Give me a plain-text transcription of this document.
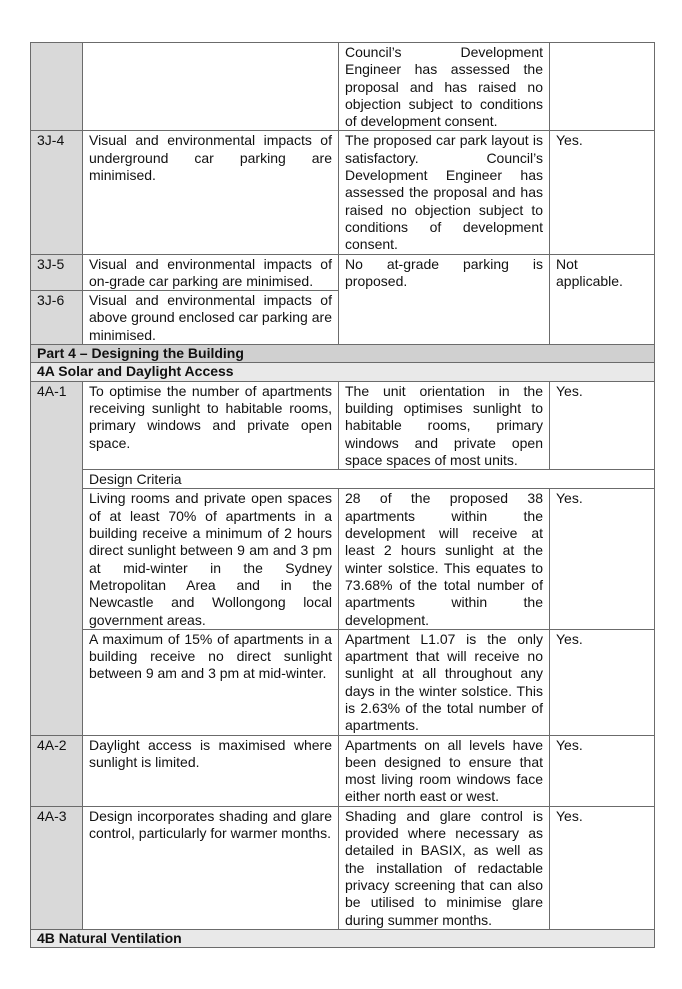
		Council’s Development Engineer has assessed the proposal and has raised no objection subject to conditions of development consent.	
3J-4	Visual and environmental impacts of underground car parking are minimised.	The proposed car park layout is satisfactory. Council’s Development Engineer has assessed the proposal and has raised no objection subject to conditions of development consent.	Yes.
3J-5	Visual and environmental impacts of on-grade car parking are minimised.	No at-grade parking is proposed.	Not applicable.
3J-6	Visual and environmental impacts of above ground enclosed car parking are minimised.		
Part 4 – Designing the Building			
4A Solar and Daylight Access			
4A-1	To optimise the number of apartments receiving sunlight to habitable rooms, primary windows and private open space.	The unit orientation in the building optimises sunlight to habitable rooms, primary windows and private open space spaces of most units.	Yes.
	Design Criteria		
	Living rooms and private open spaces of at least 70% of apartments in a building receive a minimum of 2 hours direct sunlight between 9 am and 3 pm at mid-winter in the Sydney Metropolitan Area and in the Newcastle and Wollongong local government areas.	28 of the proposed 38 apartments within the development will receive at least 2 hours sunlight at the winter solstice. This equates to 73.68% of the total number of apartments within the development.	Yes.
	A maximum of 15% of apartments in a building receive no direct sunlight between 9 am and 3 pm at mid-winter.	Apartment L1.07 is the only apartment that will receive no sunlight at all throughout any days in the winter solstice. This is 2.63% of the total number of apartments.	Yes.
4A-2	Daylight access is maximised where sunlight is limited.	Apartments on all levels have been designed to ensure that most living room windows face either north east or west.	Yes.
4A-3	Design incorporates shading and glare control, particularly for warmer months.	Shading and glare control is provided where necessary as detailed in BASIX, as well as the installation of redactable privacy screening that can also be utilised to minimise glare during summer months.	Yes.
4B Natural Ventilation			
